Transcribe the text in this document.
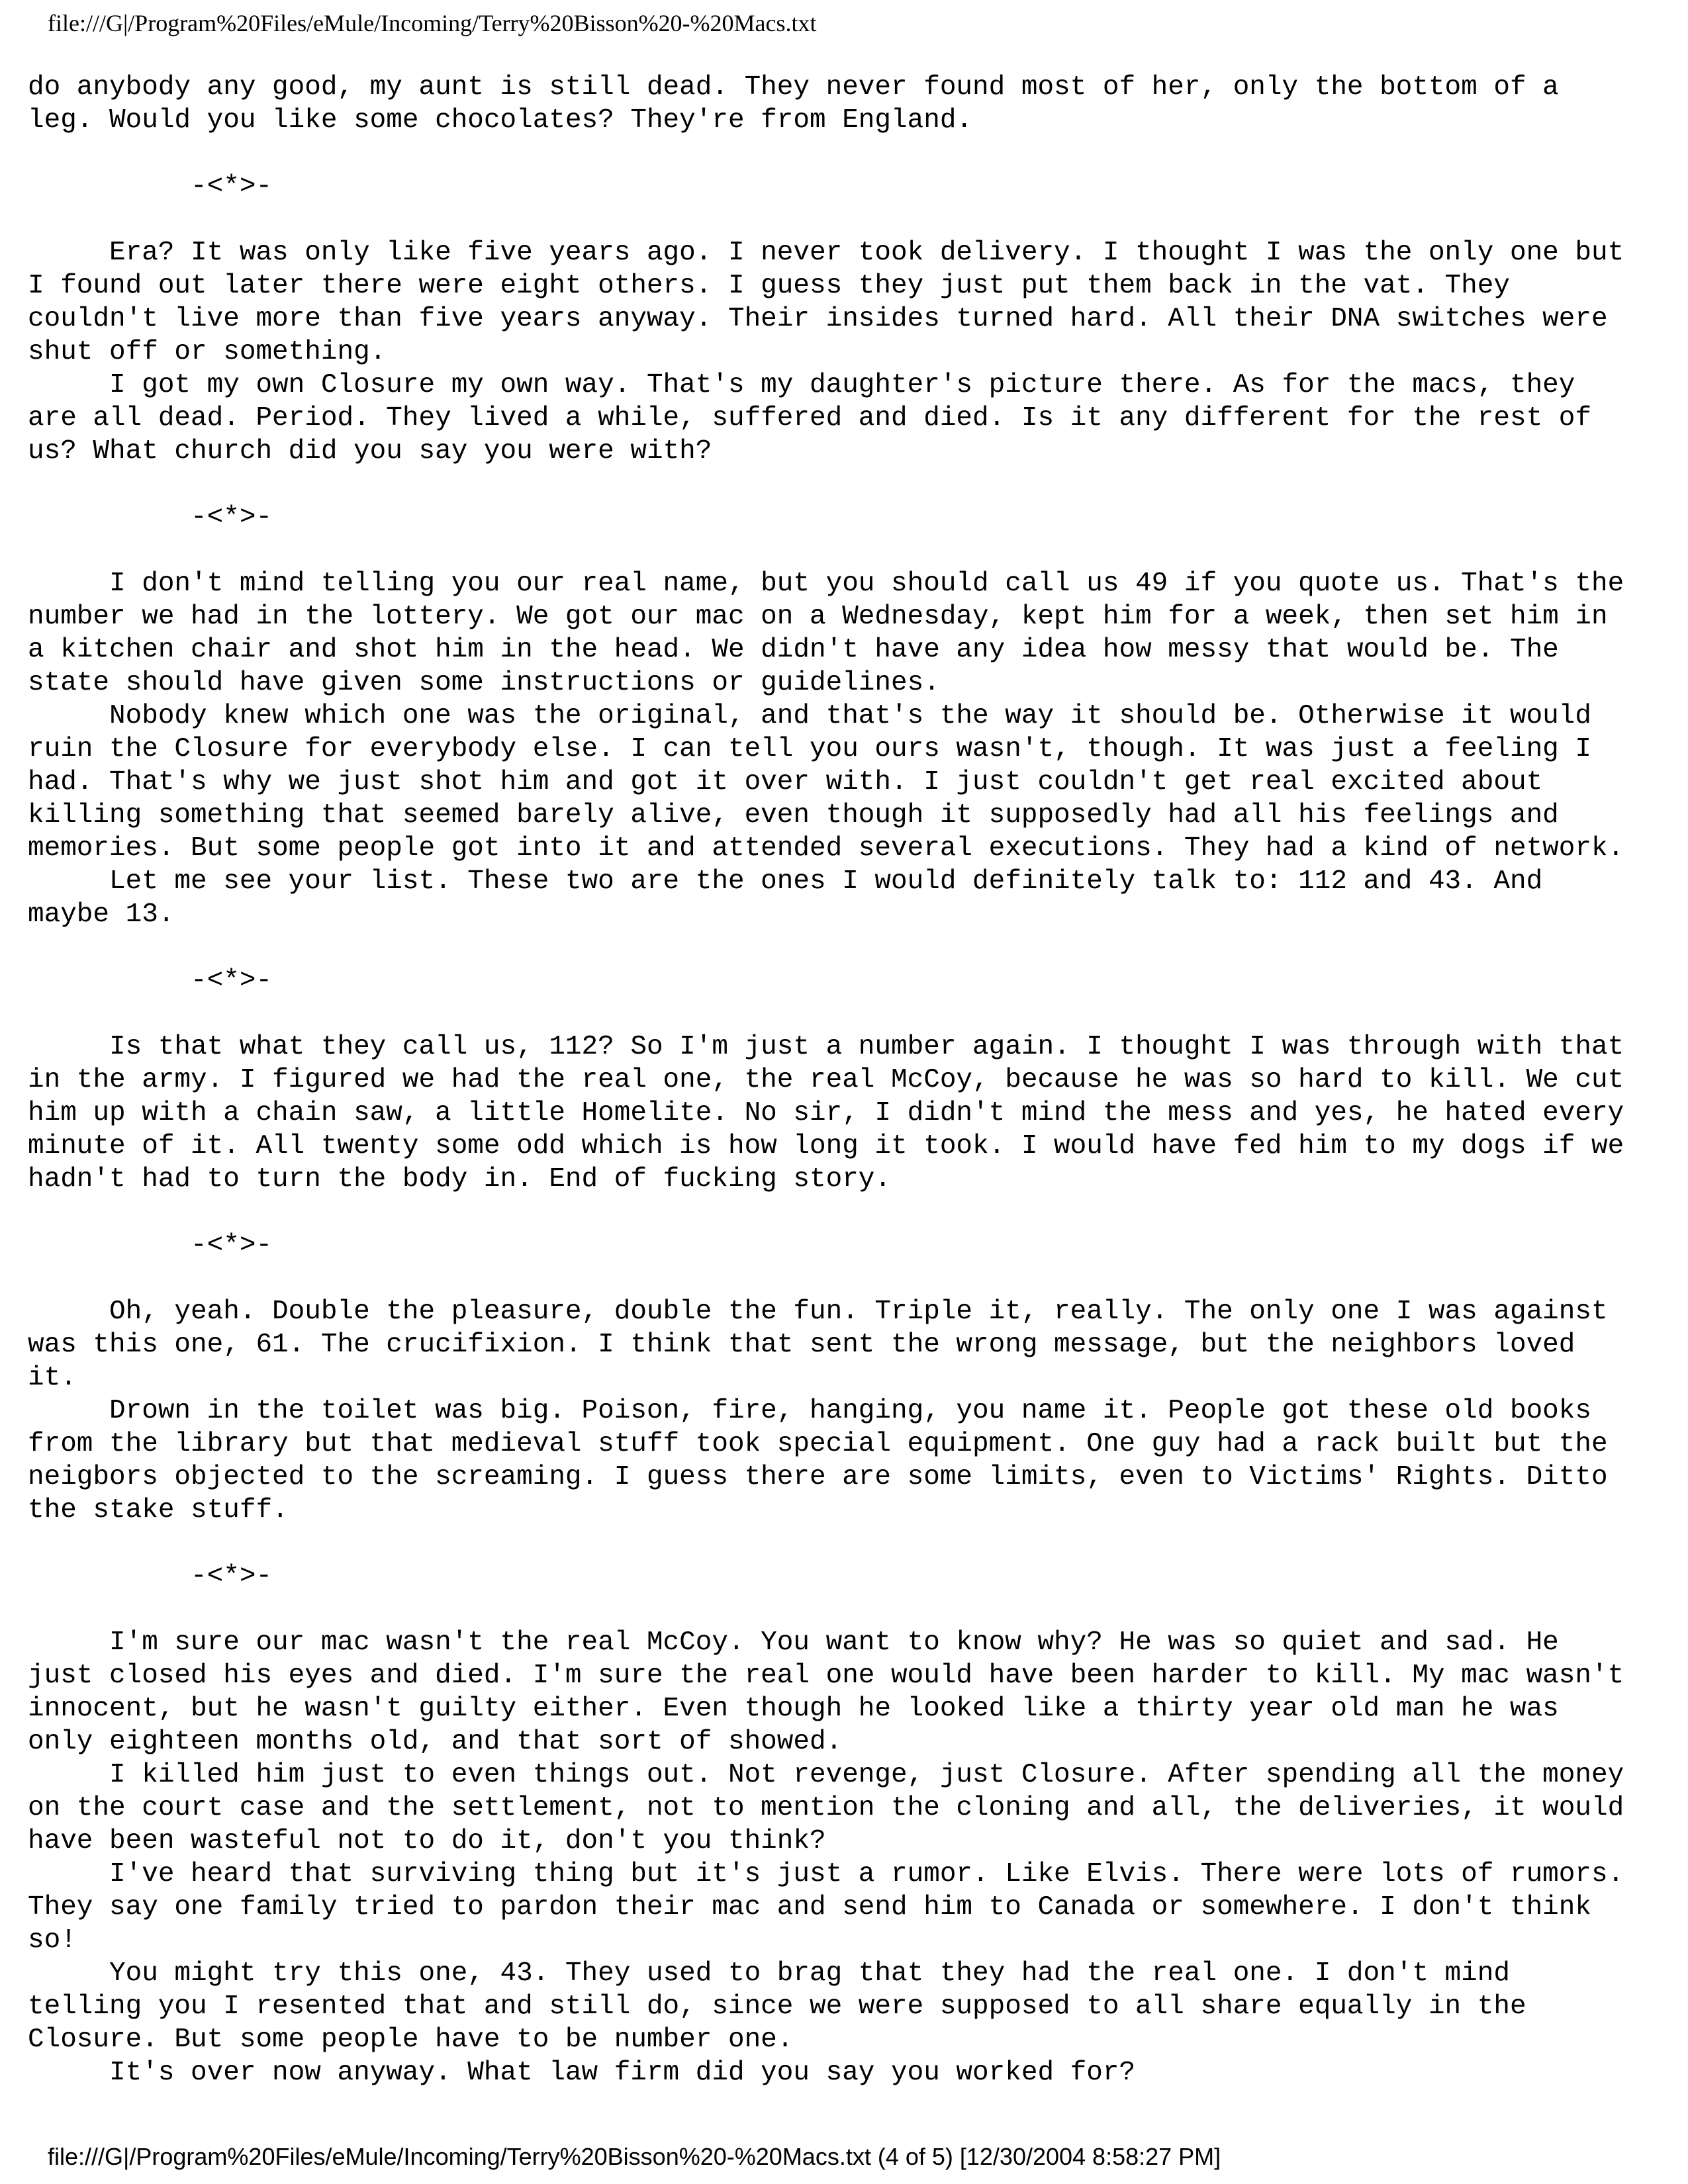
file:///G|/Program%20Files/eMule/Incoming/Terry%20Bisson%20-%20Macs.txt
do anybody any good, my aunt is still dead. They never found most of her, only the bottom of a
leg. Would you like some chocolates? They're from England.

-<*>-

Era? It was only like five years ago. I never took delivery. I thought I was the only one but
I found out later there were eight others. I guess they just put them back in the vat. They
couldn't live more than five years anyway. Their insides turned hard. All their DNA switches were
shut off or something.
I got my own Closure my own way. That's my daughter's picture there. As for the macs, they
are all dead. Period. They lived a while, suffered and died. Is it any different for the rest of
us? What church did you say you were with?

-<*>-

I don't mind telling you our real name, but you should call us 49 if you quote us. That's the
number we had in the lottery. We got our mac on a Wednesday, kept him for a week, then set him in
a kitchen chair and shot him in the head. We didn't have any idea how messy that would be. The
state should have given some instructions or guidelines.
Nobody knew which one was the original, and that's the way it should be. Otherwise it would
ruin the Closure for everybody else. I can tell you ours wasn't, though. It was just a feeling I
had. That's why we just shot him and got it over with. I just couldn't get real excited about
killing something that seemed barely alive, even though it supposedly had all his feelings and
memories. But some people got into it and attended several executions. They had a kind of network.
Let me see your list. These two are the ones I would definitely talk to: 112 and 43. And
maybe 13.

-<*>-

Is that what they call us, 112? So I'm just a number again. I thought I was through with that
in the army. I figured we had the real one, the real McCoy, because he was so hard to kill. We cut
him up with a chain saw, a little Homelite. No sir, I didn't mind the mess and yes, he hated every
minute of it. All twenty some odd which is how long it took. I would have fed him to my dogs if we
hadn't had to turn the body in. End of fucking story.

-<*>-

Oh, yeah. Double the pleasure, double the fun. Triple it, really. The only one I was against
was this one, 61. The crucifixion. I think that sent the wrong message, but the neighbors loved
it.
Drown in the toilet was big. Poison, fire, hanging, you name it. People got these old books
from the library but that medieval stuff took special equipment. One guy had a rack built but the
neigbors objected to the screaming. I guess there are some limits, even to Victims' Rights. Ditto
the stake stuff.

-<*>-

I'm sure our mac wasn't the real McCoy. You want to know why? He was so quiet and sad. He
just closed his eyes and died. I'm sure the real one would have been harder to kill. My mac wasn't
innocent, but he wasn't guilty either. Even though he looked like a thirty year old man he was
only eighteen months old, and that sort of showed.
I killed him just to even things out. Not revenge, just Closure. After spending all the money
on the court case and the settlement, not to mention the cloning and all, the deliveries, it would
have been wasteful not to do it, don't you think?
I've heard that surviving thing but it's just a rumor. Like Elvis. There were lots of rumors.
They say one family tried to pardon their mac and send him to Canada or somewhere. I don't think
so!
You might try this one, 43. They used to brag that they had the real one. I don't mind
telling you I resented that and still do, since we were supposed to all share equally in the
Closure. But some people have to be number one.
It's over now anyway. What law firm did you say you worked for?
file:///G|/Program%20Files/eMule/Incoming/Terry%20Bisson%20-%20Macs.txt (4 of 5) [12/30/2004 8:58:27 PM]
